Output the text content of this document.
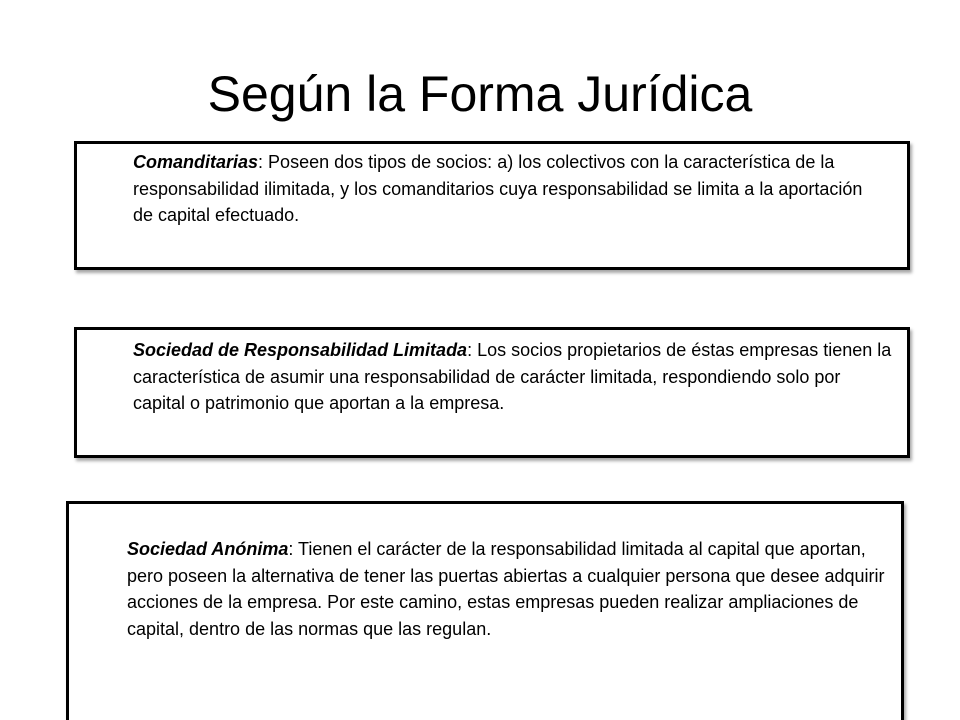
Según la Forma Jurídica

Comanditarias: Poseen dos tipos de socios: a) los colectivos con la característica de la responsabilidad ilimitada, y los comanditarios cuya responsabilidad se limita a la aportación de capital efectuado.

Sociedad de Responsabilidad Limitada: Los socios propietarios de éstas empresas tienen la característica de asumir una responsabilidad de carácter limitada, respondiendo solo por capital o patrimonio que aportan a la empresa.

Sociedad Anónima: Tienen el carácter de la responsabilidad limitada al capital que aportan, pero poseen la alternativa de tener las puertas abiertas a cualquier persona que desee adquirir acciones de la empresa. Por este camino, estas empresas pueden realizar ampliaciones de capital, dentro de las normas que las regulan.
